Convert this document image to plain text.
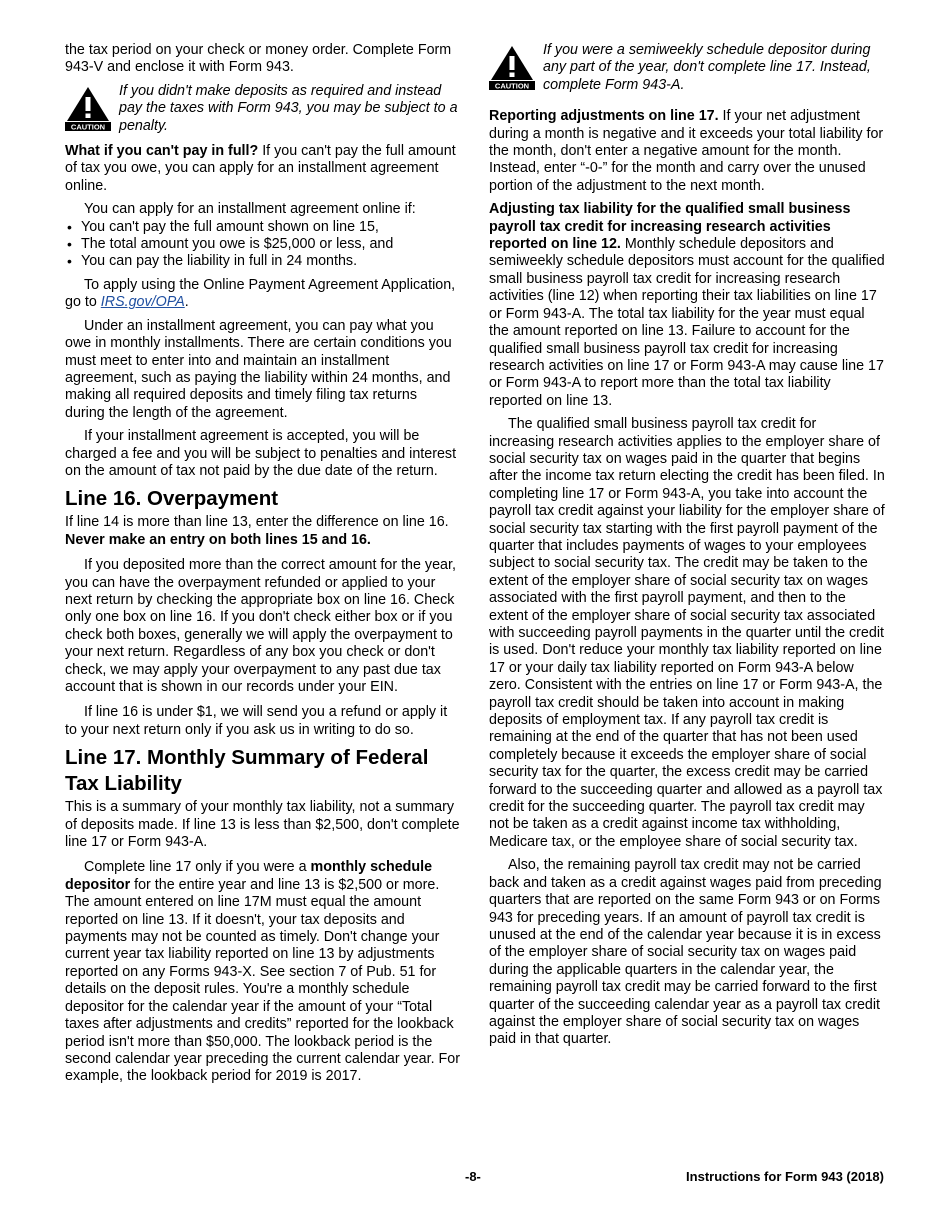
the tax period on your check or money order. Complete Form 943-V and enclose it with Form 943.

CAUTION
If you didn't make deposits as required and instead pay the taxes with Form 943, you may be subject to a penalty.

What if you can't pay in full? If you can't pay the full amount of tax you owe, you can apply for an installment agreement online.

You can apply for an installment agreement online if:

• You can't pay the full amount shown on line 15,
• The total amount you owe is $25,000 or less, and
• You can pay the liability in full in 24 months.

To apply using the Online Payment Agreement Application, go to IRS.gov/OPA.

Under an installment agreement, you can pay what you owe in monthly installments. There are certain conditions you must meet to enter into and maintain an installment agreement, such as paying the liability within 24 months, and making all required deposits and timely filing tax returns during the length of the agreement.

If your installment agreement is accepted, you will be charged a fee and you will be subject to penalties and interest on the amount of tax not paid by the due date of the return.

Line 16. Overpayment

If line 14 is more than line 13, enter the difference on line 16. Never make an entry on both lines 15 and 16.

If you deposited more than the correct amount for the year, you can have the overpayment refunded or applied to your next return by checking the appropriate box on line 16. Check only one box on line 16. If you don't check either box or if you check both boxes, generally we will apply the overpayment to your next return. Regardless of any box you check or don't check, we may apply your overpayment to any past due tax account that is shown in our records under your EIN.

If line 16 is under $1, we will send you a refund or apply it to your next return only if you ask us in writing to do so.

Line 17. Monthly Summary of Federal Tax Liability

This is a summary of your monthly tax liability, not a summary of deposits made. If line 13 is less than $2,500, don't complete line 17 or Form 943-A.

Complete line 17 only if you were a monthly schedule depositor for the entire year and line 13 is $2,500 or more. The amount entered on line 17M must equal the amount reported on line 13. If it doesn't, your tax deposits and payments may not be counted as timely. Don't change your current year tax liability reported on line 13 by adjustments reported on any Forms 943-X. See section 7 of Pub. 51 for details on the deposit rules. You're a monthly schedule depositor for the calendar year if the amount of your “Total taxes after adjustments and credits” reported for the lookback period isn't more than $50,000. The lookback period is the second calendar year preceding the current calendar year. For example, the lookback period for 2019 is 2017.

CAUTION
If you were a semiweekly schedule depositor during any part of the year, don't complete line 17. Instead, complete Form 943-A.

Reporting adjustments on line 17. If your net adjustment during a month is negative and it exceeds your total liability for the month, don't enter a negative amount for the month. Instead, enter “-0-” for the month and carry over the unused portion of the adjustment to the next month.

Adjusting tax liability for the qualified small business payroll tax credit for increasing research activities reported on line 12. Monthly schedule depositors and semiweekly schedule depositors must account for the qualified small business payroll tax credit for increasing research activities (line 12) when reporting their tax liabilities on line 17 or Form 943-A. The total tax liability for the year must equal the amount reported on line 13. Failure to account for the qualified small business payroll tax credit for increasing research activities on line 17 or Form 943-A may cause line 17 or Form 943-A to report more than the total tax liability reported on line 13.

The qualified small business payroll tax credit for increasing research activities applies to the employer share of social security tax on wages paid in the quarter that begins after the income tax return electing the credit has been filed. In completing line 17 or Form 943-A, you take into account the payroll tax credit against your liability for the employer share of social security tax starting with the first payroll payment of the quarter that includes payments of wages to your employees subject to social security tax. The credit may be taken to the extent of the employer share of social security tax on wages associated with the first payroll payment, and then to the extent of the employer share of social security tax associated with succeeding payroll payments in the quarter until the credit is used. Don't reduce your monthly tax liability reported on line 17 or your daily tax liability reported on Form 943-A below zero. Consistent with the entries on line 17 or Form 943-A, the payroll tax credit should be taken into account in making deposits of employment tax. If any payroll tax credit is remaining at the end of the quarter that has not been used completely because it exceeds the employer share of social security tax for the quarter, the excess credit may be carried forward to the succeeding quarter and allowed as a payroll tax credit for the succeeding quarter. The payroll tax credit may not be taken as a credit against income tax withholding, Medicare tax, or the employee share of social security tax.

Also, the remaining payroll tax credit may not be carried back and taken as a credit against wages paid from preceding quarters that are reported on the same Form 943 or on Forms 943 for preceding years. If an amount of payroll tax credit is unused at the end of the calendar year because it is in excess of the employer share of social security tax on wages paid during the applicable quarters in the calendar year, the remaining payroll tax credit may be carried forward to the first quarter of the succeeding calendar year as a payroll tax credit against the employer share of social security tax on wages paid in that quarter.

-8-	Instructions for Form 943 (2018)
